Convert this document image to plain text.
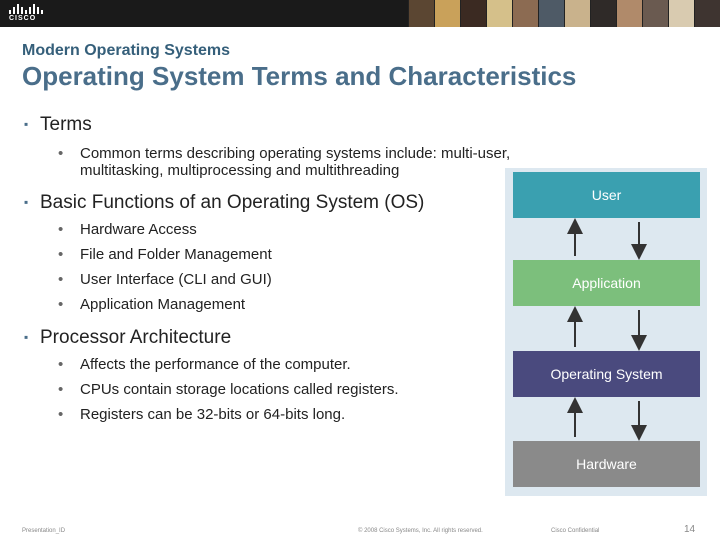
CISCO
Modern Operating Systems
Operating System Terms and Characteristics
▪ Terms
• Common terms describing operating systems include: multi-user, multitasking, multiprocessing and multithreading
▪ Basic Functions of an Operating System (OS)
• Hardware Access
• File and Folder Management
• User Interface (CLI and GUI)
• Application Management
▪ Processor Architecture
• Affects the performance of the computer.
• CPUs contain storage locations called registers.
• Registers can be 32-bits or 64-bits long.
User
Application
Operating System
Hardware
Presentation_ID	© 2008 Cisco Systems, Inc. All rights reserved.	Cisco Confidential	14
